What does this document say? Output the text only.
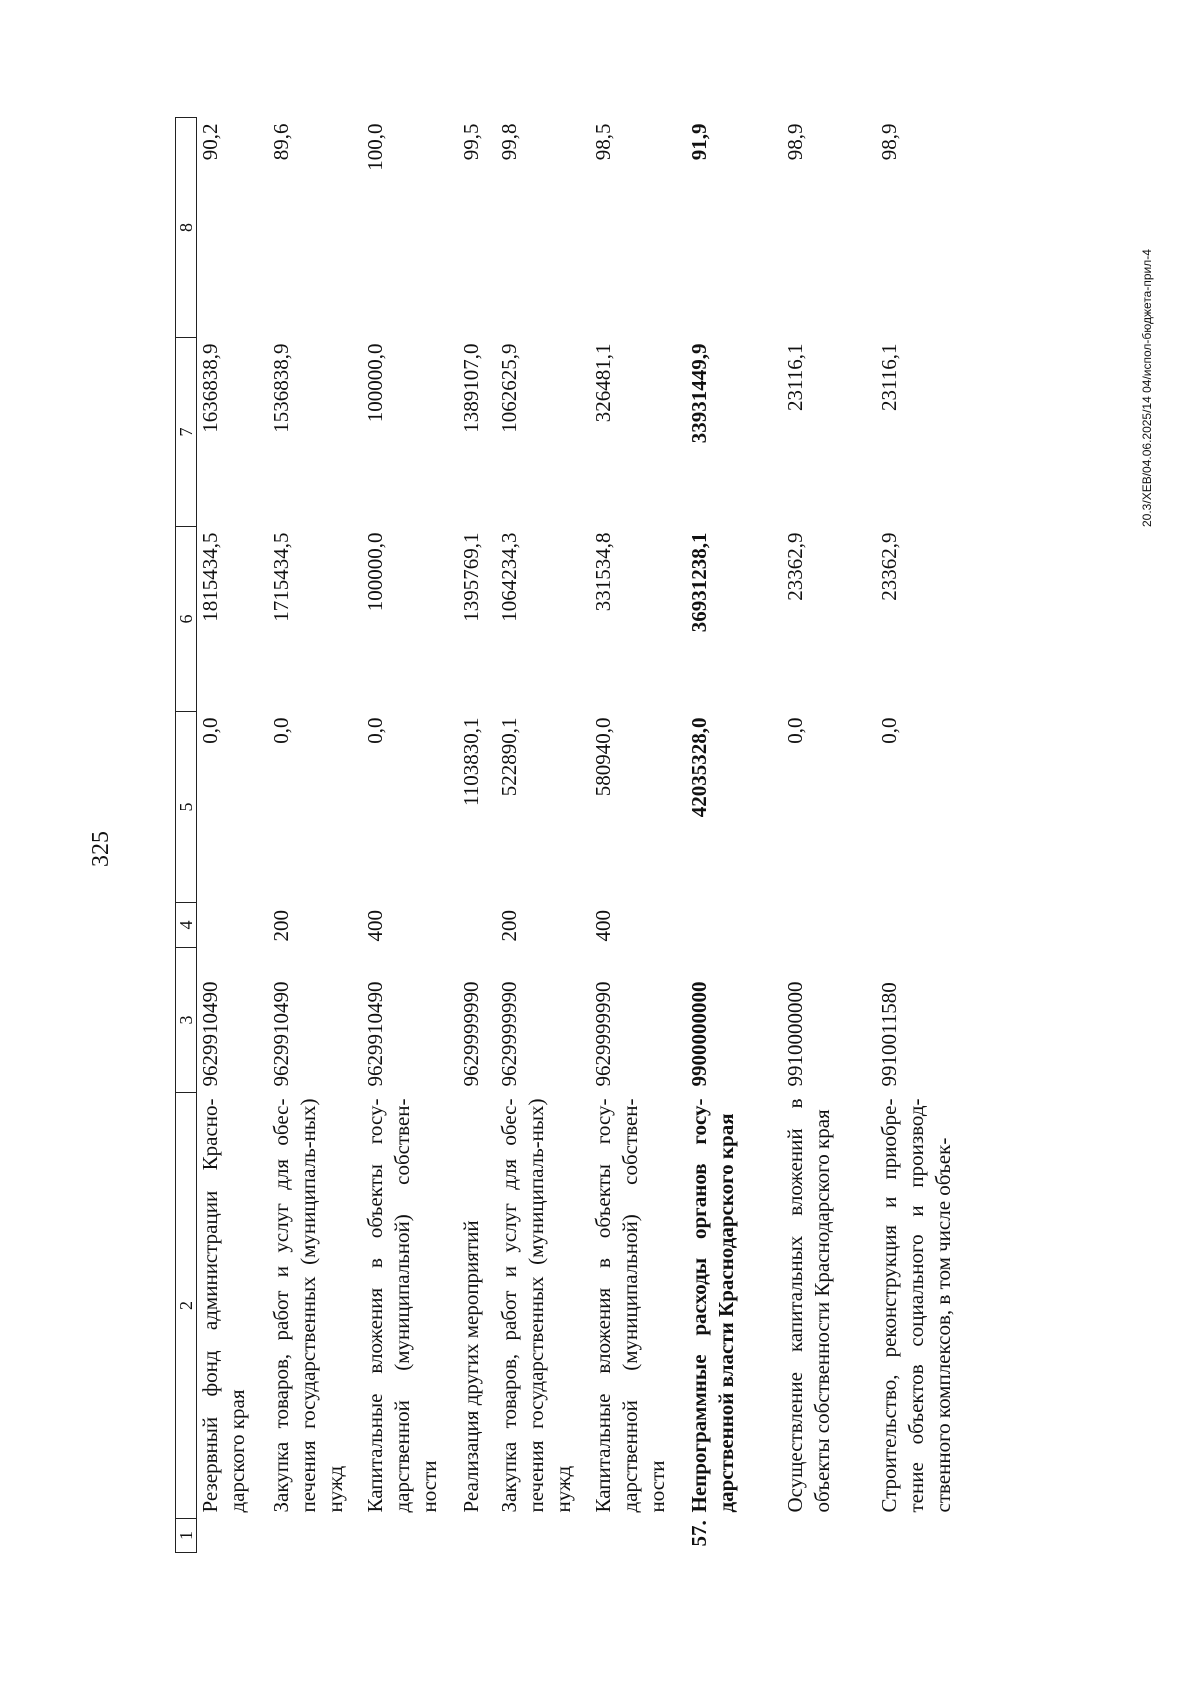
325
1	2	3	4	5	6	7	8
	Резервный фонд администрации Красно-дарского края	9629910490		0,0	1815434,5	1636838,9	90,2
	Закупка товаров, работ и услуг для обес-печения государственных (муниципаль-ных) нужд	9629910490	200	0,0	1715434,5	1536838,9	89,6
	Капитальные вложения в объекты госу-дарственной (муниципальной) собствен-ности	9629910490	400	0,0	100000,0	100000,0	100,0
	Реализация других мероприятий	9629999990		1103830,1	1395769,1	1389107,0	99,5
	Закупка товаров, работ и услуг для обес-печения государственных (муниципаль-ных) нужд	9629999990	200	522890,1	1064234,3	1062625,9	99,8
	Капитальные вложения в объекты госу-дарственной (муниципальной) собствен-ности	9629999990	400	580940,0	331534,8	326481,1	98,5
57.	Непрограммные расходы органов госу-дарственной власти Краснодарского края	9900000000		42035328,0	36931238,1	33931449,9	91,9
	Осуществление капитальных вложений в объекты собственности Краснодарского края	9910000000		0,0	23362,9	23116,1	98,9
	Строительство, реконструкция и приобре-тение объектов социального и производ-ственного комплексов, в том числе объек-	9910011580		0,0	23362,9	23116,1	98,9
20.3/ХЕВ/04.06.2025/14 04/испол-бюджета-прил-4
